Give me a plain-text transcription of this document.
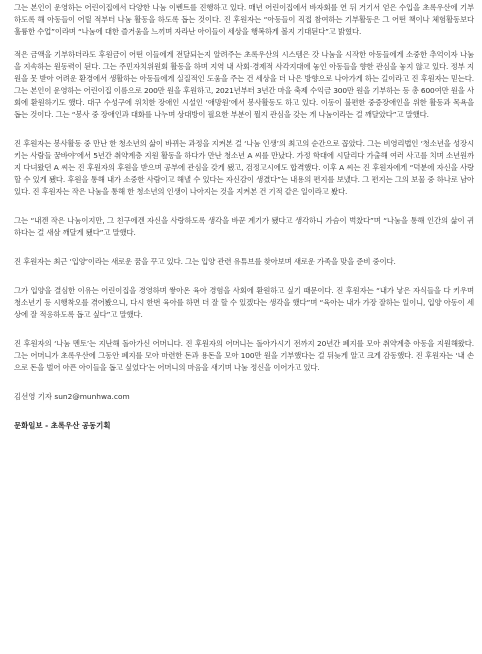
그는 본인이 운영하는 어린이집에서 다양한 나눔 이벤트를 진행하고 있다. 매년 어린이집에서 바자회를 연 뒤 거기서 얻은 수입을 초록우산에 기부하도록 해 아동들이 어릴 적부터 나눔 활동을 하도록 돕는 것이다. 진 후원자는 “아동들이 직접 참여하는 기부활동은 그 어떤 책이나 체험활동보다 훌륭한 수업”이라며 “나눔에 대한 즐거움을 느끼며 자라난 아이들이 세상을 행복하게 볼지 기대된다”고 밝혔다.

적은 금액을 기부하더라도 후원금이 어떤 이들에게 전달되는지 알려주는 초록우산의 시스템은 갓 나눔을 시작한 아동들에게 소중한 추억이자 나눔을 지속하는 원동력이 된다. 그는 주민자치위원회 활동을 하며 지역 내 사회·경제적 사각지대에 놓인 아동들을 향한 관심을 놓지 않고 있다. 정부 지원을 못 받아 어려운 환경에서 생활하는 아동들에게 실질적인 도움을 주는 건 세상을 더 나은 방향으로 나아가게 하는 길이라고 진 후원자는 믿는다. 그는 본인이 운영하는 어린이집 이름으로 200만 원을 후원하고, 2021년부터 3년간 마을 축제 수익금 300만 원을 기부하는 등 총 600여만 원을 사회에 환원하기도 했다. 대구 수성구에 위치한 장애인 시설인 ‘애망원’에서 봉사활동도 하고 있다. 이동이 불편한 중증장애인을 위한 활동과 목욕을 돕는 것이다. 그는 “봉사 중 장애인과 대화를 나누며 상대방이 필요한 부분이 뭘지 관심을 갖는 게 나눔이라는 걸 깨달았다”고 말했다.

진 후원자는 봉사활동 중 만난 한 청소년의 삶이 바뀌는 과정을 지켜본 걸 ‘나눔 인생’의 최고의 순간으로 꼽았다. 그는 비영리법인 ‘청소년을 성장시키는 사람들 꿈바야’에서 5년간 취약계층 지원 활동을 하다가 만난 청소년 A 씨를 만났다. 가정 학대에 시달리다 가출해 여러 사고를 치며 소년원까지 다녀왔던 A 씨는 진 후원자의 후원을 받으며 공부에 관심을 갖게 됐고, 검정고시에도 합격했다. 이후 A 씨는 진 후원자에게 “덕분에 자신을 사랑할 수 있게 됐다. 후원을 통해 내가 소중한 사람이고 해낼 수 있다는 자신감이 생겼다”는 내용의 편지를 보냈다. 그 편지는 그의 보물 중 하나로 남아 있다. 진 후원자는 작은 나눔을 통해 한 청소년의 인생이 나아지는 것을 지켜본 건 기적 같은 일이라고 봤다.

그는 “내겐 작은 나눔이지만, 그 친구에겐 자신을 사랑하도록 생각을 바꾼 계기가 됐다고 생각하니 가슴이 벅찼다”며 “나눔을 통해 인간의 삶이 귀하다는 걸 새삼 깨달게 됐다”고 말했다.

진 후원자는 최근 ‘입양’이라는 새로운 꿈을 꾸고 있다. 그는 입양 관련 유튜브를 찾아보며 새로운 가족을 맞을 준비 중이다.

그가 입양을 결심한 이유는 어린이집을 경영하며 쌓아온 육아 경험을 사회에 환원하고 싶기 때문이다. 진 후원자는 “내가 낳은 자식들을 다 키우며 청소년기 등 시행착오를 겪어봤으니, 다시 한번 육아를 하면 더 잘 할 수 있겠다는 생각을 했다”며 “육아는 내가 가장 잘하는 일이니, 입양 아동이 세상에 잘 적응하도록 돕고 싶다”고 말했다.

진 후원자의 ‘나눔 멘토’는 지난해 돌아가신 어머니다. 진 후원자의 어머니는 돌아가시기 전까지 20년간 폐지를 모아 취약계층 아동을 지원해왔다. 그는 어머니가 초록우산에 그동안 폐지를 모아 마련한 돈과 용돈을 모아 100만 원을 기부했다는 걸 뒤늦게 알고 크게 감동했다. 진 후원자는 ‘내 손으로 돈을 벌어 아픈 아이들을 돕고 싶었다’는 어머니의 마음을 새기며 나눔 정신을 이어가고 있다.

김선영 기자 sun2@munhwa.com

문화일보 - 초록우산 공동기획
